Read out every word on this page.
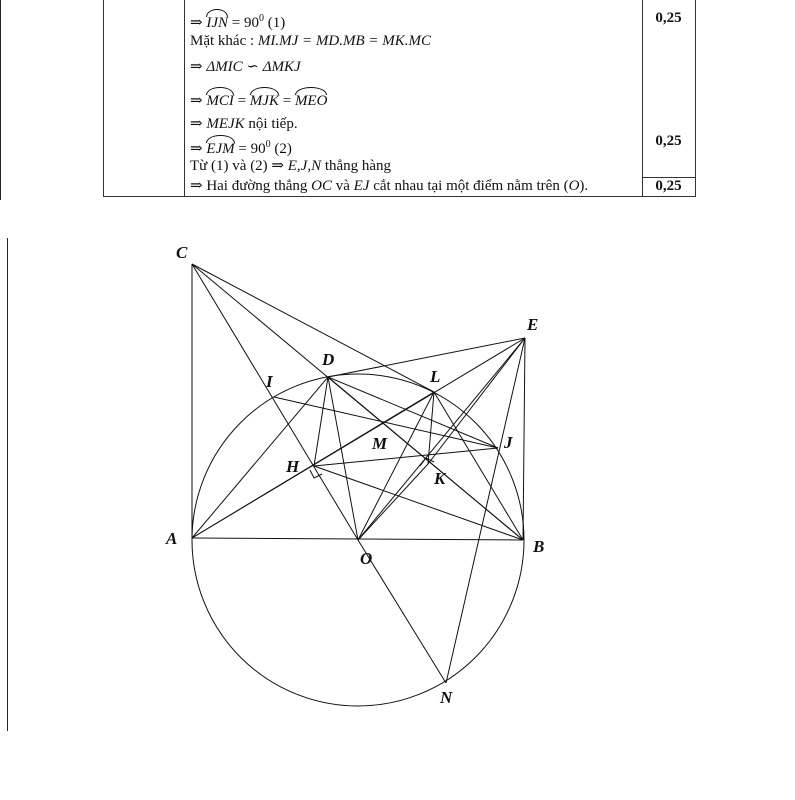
⇒ IJN = $90^0$ (1)
Mặt khác : MI.MJ = MD.MB = MK.MC
⇒ ΔMIC ∽ ΔMKJ
⇒ MCI = MJK = MEO
⇒ MEJK nội tiếp.
⇒ EJM = $90^0$ (2)
Từ (1) và (2) ⇒ E,J,N thẳng hàng
⇒ Hai đường thẳng OC và EJ cắt nhau tại một điểm nằm trên (O).
0,25
0,25
0,25
C
E
D
L
I
M	J
H
K
A
O
B
N
